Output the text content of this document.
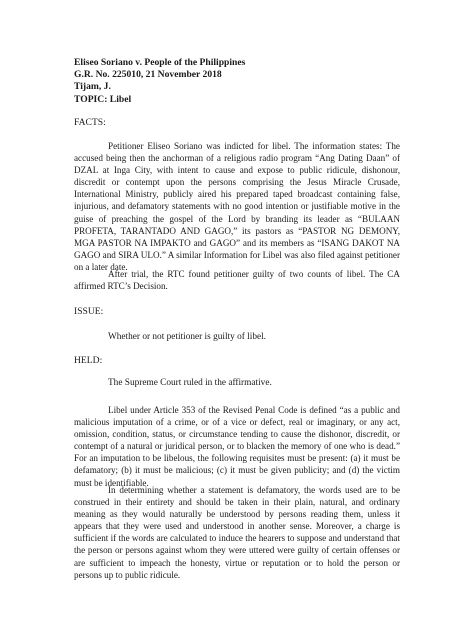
Eliseo Soriano v. People of the Philippines
G.R. No. 225010, 21 November 2018
Tijam, J.
TOPIC: Libel
FACTS:
Petitioner Eliseo Soriano was indicted for libel. The information states: The accused being then the anchorman of a religious radio program “Ang Dating Daan” of DZAL at Inga City, with intent to cause and expose to public ridicule, dishonour, discredit or contempt upon the persons comprising the Jesus Miracle Crusade, International Ministry, publicly aired his prepared taped broadcast containing false, injurious, and defamatory statements with no good intention or justifiable motive in the guise of preaching the gospel of the Lord by branding its leader as “BULAAN PROFETA, TARANTADO AND GAGO,” its pastors as “PASTOR NG DEMONY, MGA PASTOR NA IMPAKTO and GAGO” and its members as “ISANG DAKOT NA GAGO and SIRA ULO.” A similar Information for Libel was also filed against petitioner on a later date.
After trial, the RTC found petitioner guilty of two counts of libel. The CA affirmed RTC’s Decision.
ISSUE:
Whether or not petitioner is guilty of libel.
HELD:
The Supreme Court ruled in the affirmative.
Libel under Article 353 of the Revised Penal Code is defined “as a public and malicious imputation of a crime, or of a vice or defect, real or imaginary, or any act, omission, condition, status, or circumstance tending to cause the dishonor, discredit, or contempt of a natural or juridical person, or to blacken the memory of one who is dead.” For an imputation to be libelous, the following requisites must be present: (a) it must be defamatory; (b) it must be malicious; (c) it must be given publicity; and (d) the victim must be identifiable.
In determining whether a statement is defamatory, the words used are to be construed in their entirety and should be taken in their plain, natural, and ordinary meaning as they would naturally be understood by persons reading them, unless it appears that they were used and understood in another sense. Moreover, a charge is sufficient if the words are calculated to induce the hearers to suppose and understand that the person or persons against whom they were uttered were guilty of certain offenses or are sufficient to impeach the honesty, virtue or reputation or to hold the person or persons up to public ridicule.
